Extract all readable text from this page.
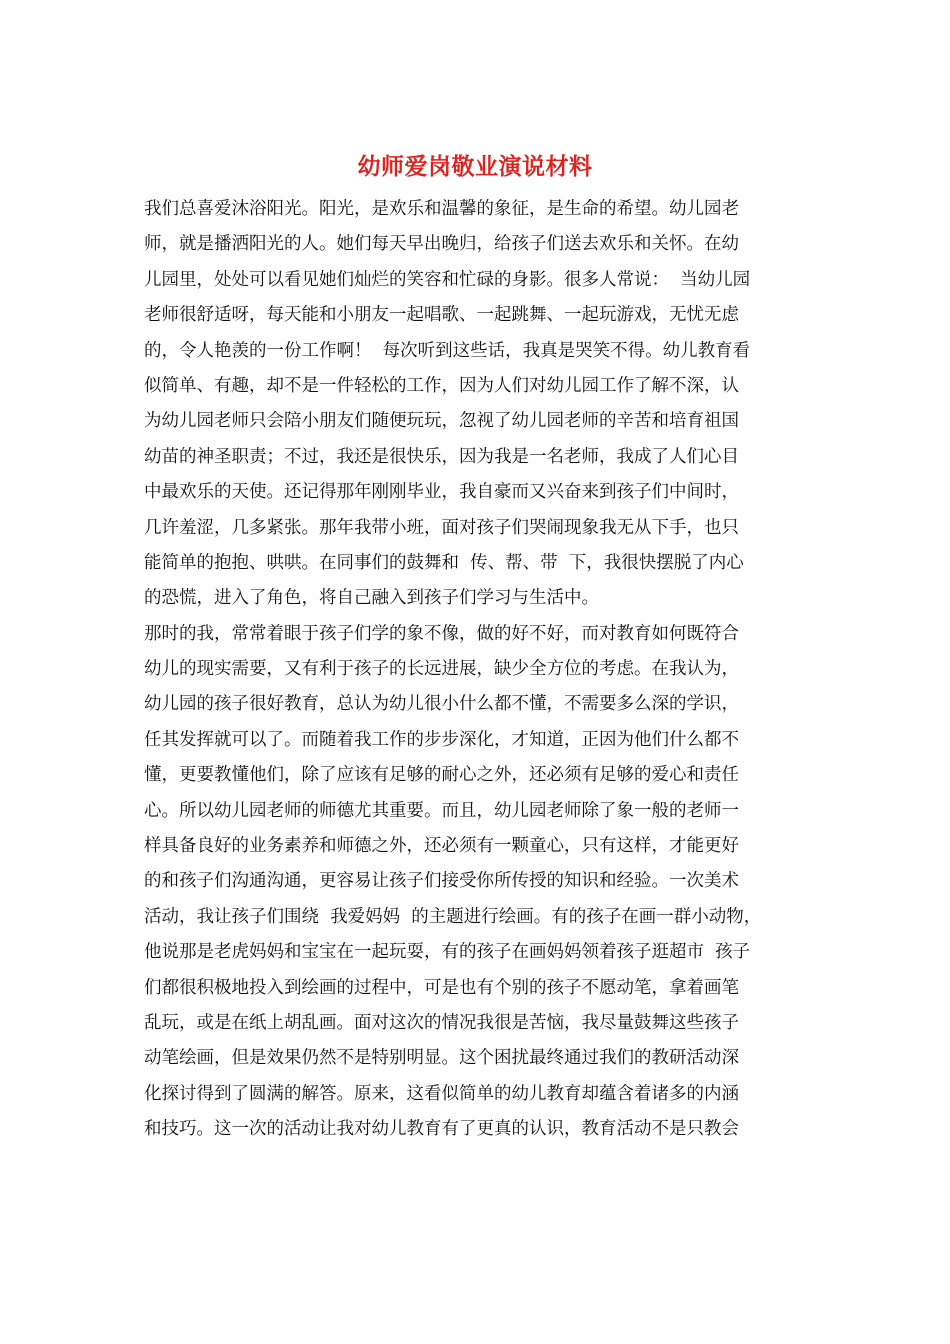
幼师爱岗敬业演说材料
我们总喜爱沐浴阳光。阳光，是欢乐和温馨的象征，是生命的希望。幼儿园老
师，就是播洒阳光的人。她们每天早出晚归，给孩子们送去欢乐和关怀。在幼
儿园里，处处可以看见她们灿烂的笑容和忙碌的身影。很多人常说：  当幼儿园
老师很舒适呀，每天能和小朋友一起唱歌、一起跳舞、一起玩游戏，无忧无虑
的，令人艳羡的一份工作啊！  每次听到这些话，我真是哭笑不得。幼儿教育看
似简单、有趣，却不是一件轻松的工作，因为人们对幼儿园工作了解不深，认
为幼儿园老师只会陪小朋友们随便玩玩，忽视了幼儿园老师的辛苦和培育祖国
幼苗的神圣职责；不过，我还是很快乐，因为我是一名老师，我成了人们心目
中最欢乐的天使。还记得那年刚刚毕业，我自豪而又兴奋来到孩子们中间时，
几许羞涩，几多紧张。那年我带小班，面对孩子们哭闹现象我无从下手，也只
能简单的抱抱、哄哄。在同事们的鼓舞和  传、帮、带  下，我很快摆脱了内心
的恐慌，进入了角色，将自己融入到孩子们学习与生活中。
那时的我，常常着眼于孩子们学的象不像，做的好不好，而对教育如何既符合
幼儿的现实需要，又有利于孩子的长远进展，缺少全方位的考虑。在我认为，
幼儿园的孩子很好教育，总认为幼儿很小什么都不懂，不需要多么深的学识，
任其发挥就可以了。而随着我工作的步步深化，才知道，正因为他们什么都不
懂，更要教懂他们，除了应该有足够的耐心之外，还必须有足够的爱心和责任
心。所以幼儿园老师的师德尤其重要。而且，幼儿园老师除了象一般的老师一
样具备良好的业务素养和师德之外，还必须有一颗童心，只有这样，才能更好
的和孩子们沟通沟通，更容易让孩子们接受你所传授的知识和经验。一次美术
活动，我让孩子们围绕  我爱妈妈  的主题进行绘画。有的孩子在画一群小动物，
他说那是老虎妈妈和宝宝在一起玩耍，有的孩子在画妈妈领着孩子逛超市  孩子
们都很积极地投入到绘画的过程中，可是也有个别的孩子不愿动笔，拿着画笔
乱玩，或是在纸上胡乱画。面对这次的情况我很是苦恼，我尽量鼓舞这些孩子
动笔绘画，但是效果仍然不是特别明显。这个困扰最终通过我们的教研活动深
化探讨得到了圆满的解答。原来，这看似简单的幼儿教育却蕴含着诸多的内涵
和技巧。这一次的活动让我对幼儿教育有了更真的认识，教育活动不是只教会
